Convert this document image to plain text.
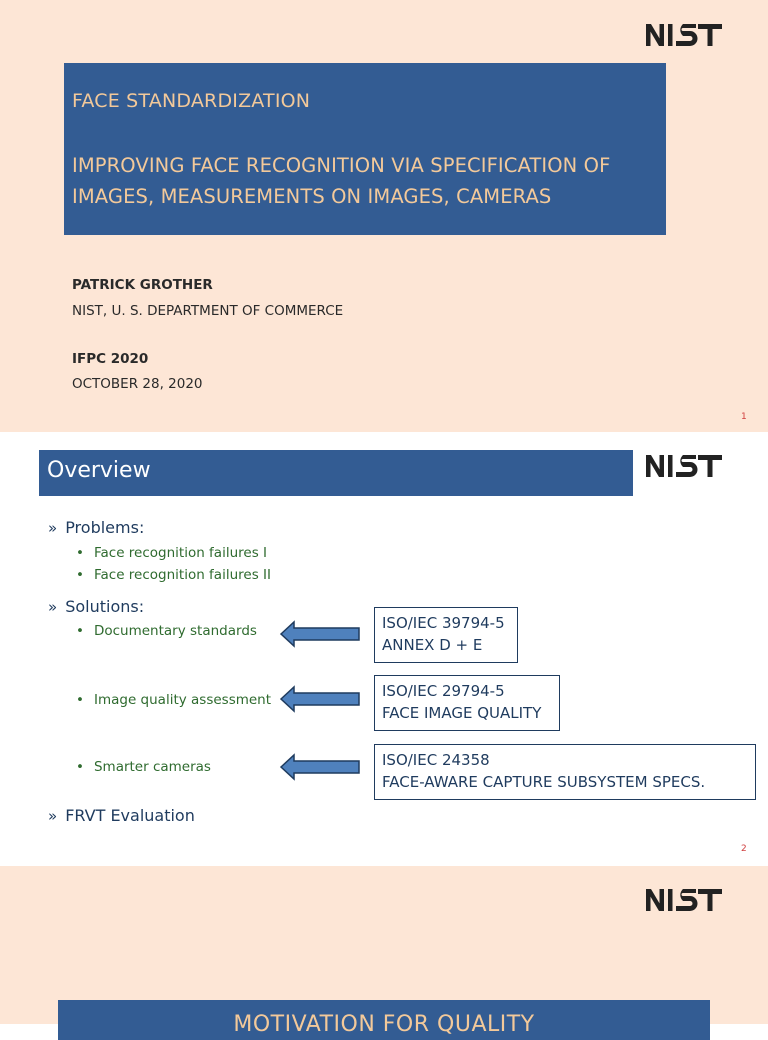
FACE STANDARDIZATION
IMPROVING FACE RECOGNITION VIA SPECIFICATION OF
IMAGES, MEASUREMENTS ON IMAGES, CAMERAS
PATRICK GROTHER
NIST, U. S. DEPARTMENT OF COMMERCE
IFPC 2020
OCTOBER 28, 2020
1
Overview
» Problems:
• Face recognition failures I
• Face recognition failures II
» Solutions:
• Documentary standards	ISO/IEC 39794-5
ANNEX D + E
• Image quality assessment	ISO/IEC 29794-5
FACE IMAGE QUALITY
• Smarter cameras	ISO/IEC 24358
FACE-AWARE CAPTURE SUBSYSTEM SPECS.
» FRVT Evaluation
2
MOTIVATION FOR QUALITY
